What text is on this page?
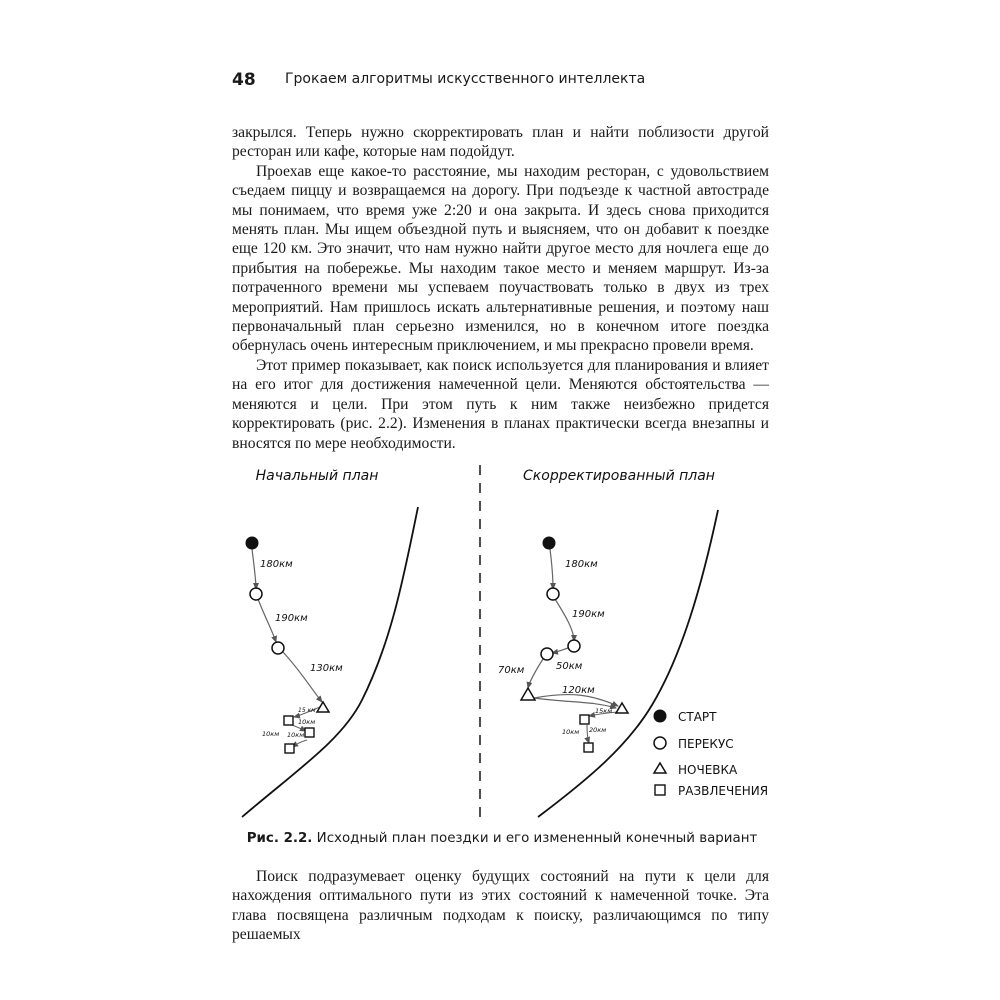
48 Грокаем алгоритмы искусственного интеллекта

закрылся. Теперь нужно скорректировать план и найти поблизости другой ресторан или кафе, которые нам подойдут.

Проехав еще какое-то расстояние, мы находим ресторан, с удовольствием съедаем пиццу и возвращаемся на дорогу. При подъезде к частной автостраде мы понимаем, что время уже 2:20 и она закрыта. И здесь снова приходится менять план. Мы ищем объездной путь и выясняем, что он добавит к поездке еще 120 км. Это значит, что нам нужно найти другое место для ночлега еще до прибытия на побережье. Мы находим такое место и меняем маршрут. Из-за потраченного времени мы успеваем поучаствовать только в двух из трех мероприятий. Нам пришлось искать альтернативные решения, и поэтому наш первоначальный план серьезно изменился, но в конечном итоге поездка обернулась очень интересным приключением, и мы прекрасно провели время.

Этот пример показывает, как поиск используется для планирования и влияет на его итог для достижения намеченной цели. Меняются обстоятельства — меняются и цели. При этом путь к ним также неизбежно придется корректировать (рис. 2.2). Изменения в планах практически всегда внезапны и вносятся по мере необходимости.

Начальный план	Скорректированный план
180км
190км
130км
15 км
10км
10км 10км
180км
190км
50км
70км
120км
15км
10км 20км
СТАРТ
ПЕРЕКУС
НОЧЕВКА
РАЗВЛЕЧЕНИЯ
Рис. 2.2. Исходный план поездки и его измененный конечный вариант

Поиск подразумевает оценку будущих состояний на пути к цели для нахождения оптимального пути из этих состояний к намеченной точке. Эта глава посвящена различным подходам к поиску, различающимся по типу решаемых
